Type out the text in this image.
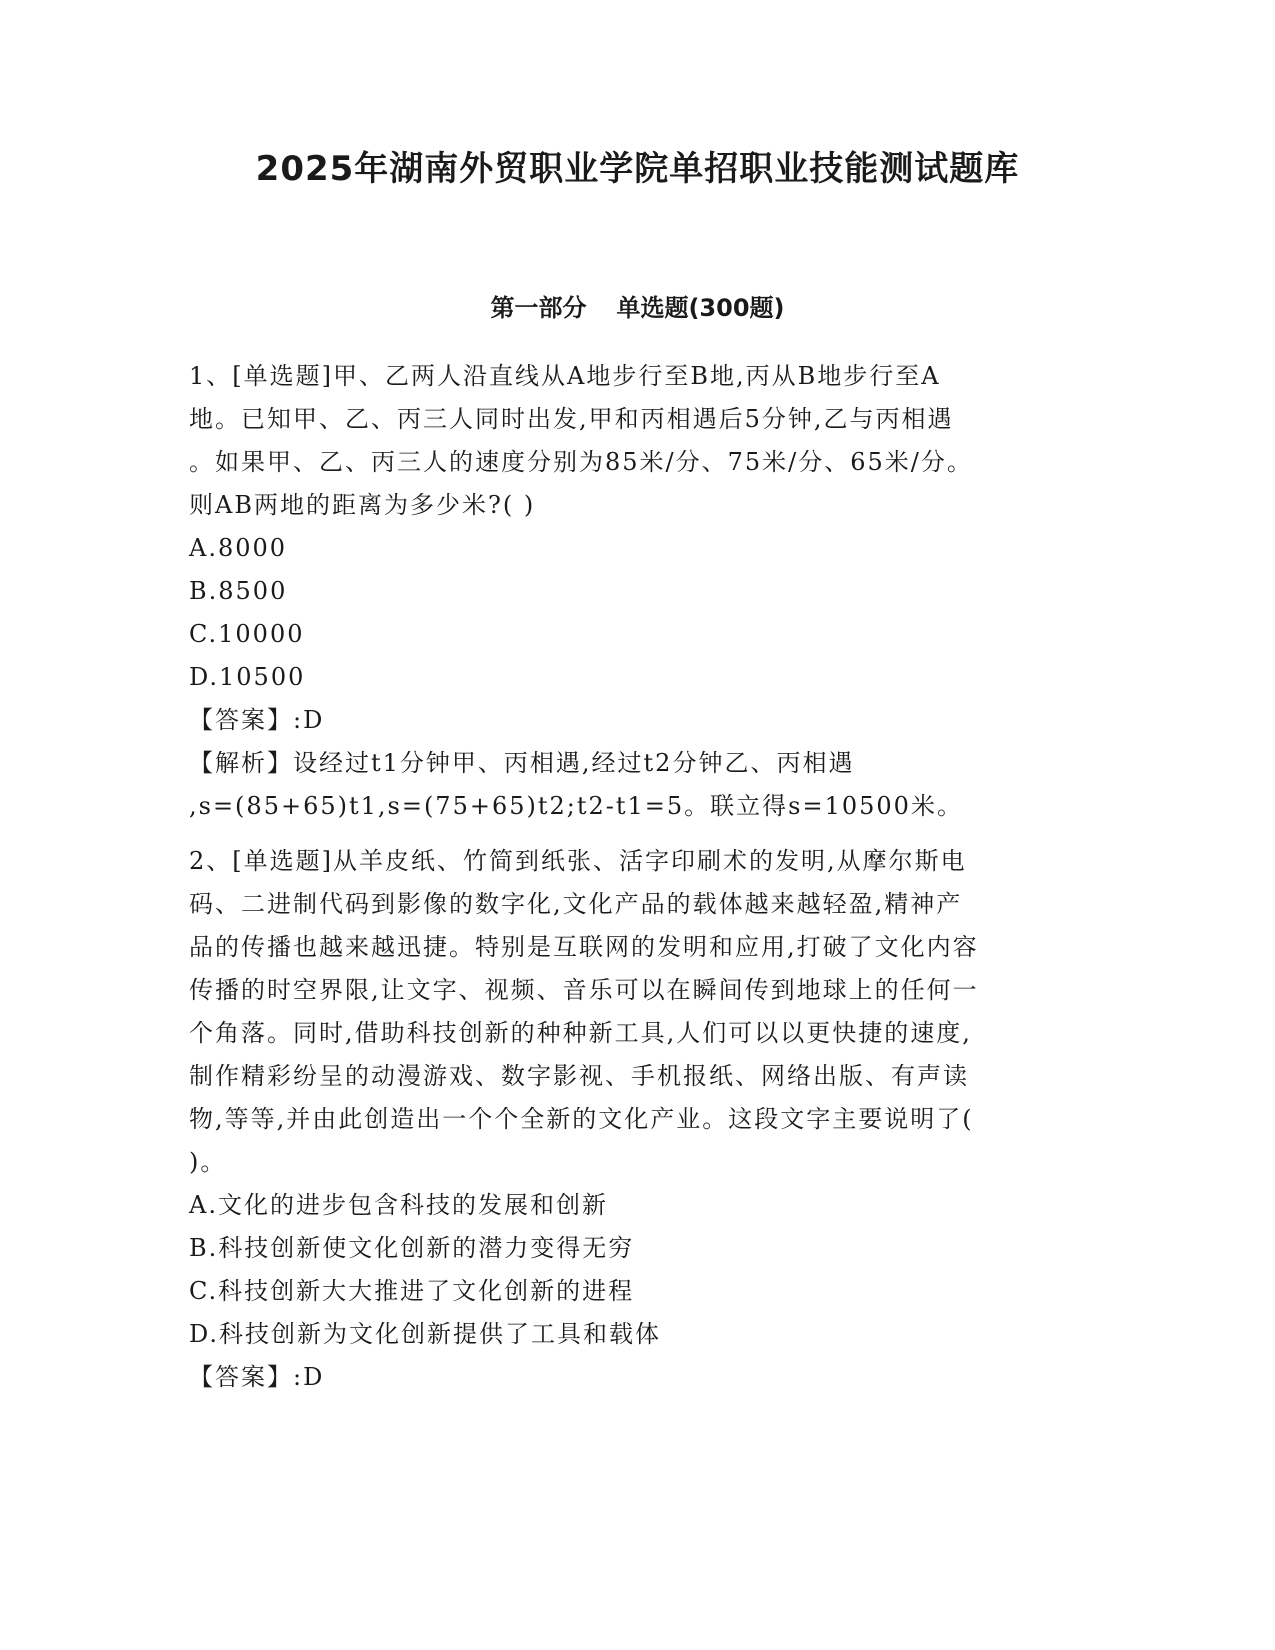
2025年湖南外贸职业学院单招职业技能测试题库
第一部分 单选题(300题)

1、[单选题]甲、乙两人沿直线从A地步行至B地,丙从B地步行至A

地。已知甲、乙、丙三人同时出发,甲和丙相遇后5分钟,乙与丙相遇

。如果甲、乙、丙三人的速度分别为85米/分、75米/分、65米/分。

则AB两地的距离为多少米?( )

A.8000

B.8500

C.10000

D.10500

【答案】:D

【解析】设经过t1分钟甲、丙相遇,经过t2分钟乙、丙相遇

,s=(85+65)t1,s=(75+65)t2;t2-t1=5。联立得s=10500米。

2、[单选题]从羊皮纸、竹简到纸张、活字印刷术的发明,从摩尔斯电

码、二进制代码到影像的数字化,文化产品的载体越来越轻盈,精神产

品的传播也越来越迅捷。特别是互联网的发明和应用,打破了文化内容

传播的时空界限,让文字、视频、音乐可以在瞬间传到地球上的任何一

个角落。同时,借助科技创新的种种新工具,人们可以以更快捷的速度,

制作精彩纷呈的动漫游戏、数字影视、手机报纸、网络出版、有声读

物,等等,并由此创造出一个个全新的文化产业。这段文字主要说明了(

)。

A.文化的进步包含科技的发展和创新

B.科技创新使文化创新的潜力变得无穷

C.科技创新大大推进了文化创新的进程

D.科技创新为文化创新提供了工具和载体

【答案】:D
